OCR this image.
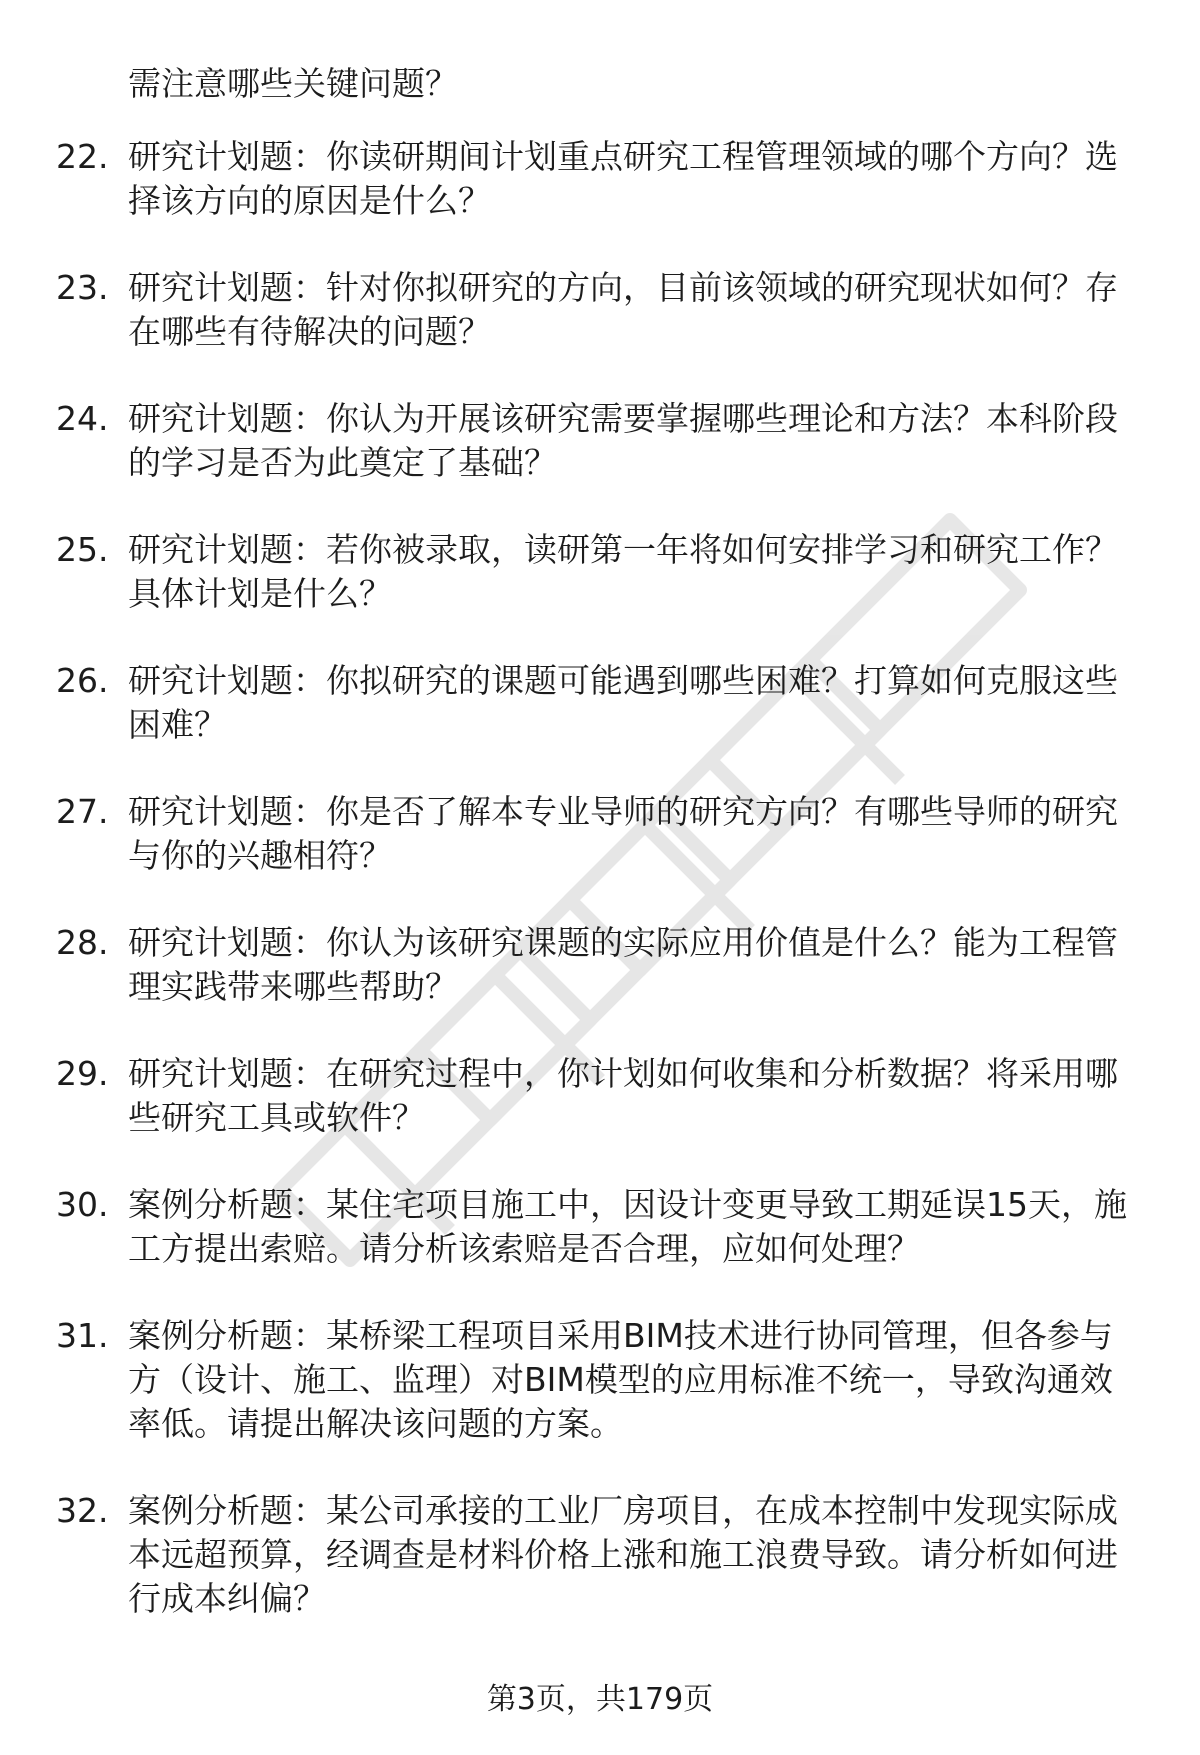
需注意哪些关键问题？
22. 研究计划题：你读研期间计划重点研究工程管理领域的哪个方向？选择该方向的原因是什么？
23. 研究计划题：针对你拟研究的方向，目前该领域的研究现状如何？存在哪些有待解决的问题？
24. 研究计划题：你认为开展该研究需要掌握哪些理论和方法？本科阶段的学习是否为此奠定了基础？
25. 研究计划题：若你被录取，读研第一年将如何安排学习和研究工作？具体计划是什么？
26. 研究计划题：你拟研究的课题可能遇到哪些困难？打算如何克服这些困难？
27. 研究计划题：你是否了解本专业导师的研究方向？有哪些导师的研究与你的兴趣相符？
28. 研究计划题：你认为该研究课题的实际应用价值是什么？能为工程管理实践带来哪些帮助？
29. 研究计划题：在研究过程中，你计划如何收集和分析数据？将采用哪些研究工具或软件？
30. 案例分析题：某住宅项目施工中，因设计变更导致工期延误15天，施工方提出索赔。请分析该索赔是否合理，应如何处理？
31. 案例分析题：某桥梁工程项目采用BIM技术进行协同管理，但各参与方（设计、施工、监理）对BIM模型的应用标准不统一，导致沟通效率低。请提出解决该问题的方案。
32. 案例分析题：某公司承接的工业厂房项目，在成本控制中发现实际成本远超预算，经调查是材料价格上涨和施工浪费导致。请分析如何进行成本纠偏？
第3页，共179页
